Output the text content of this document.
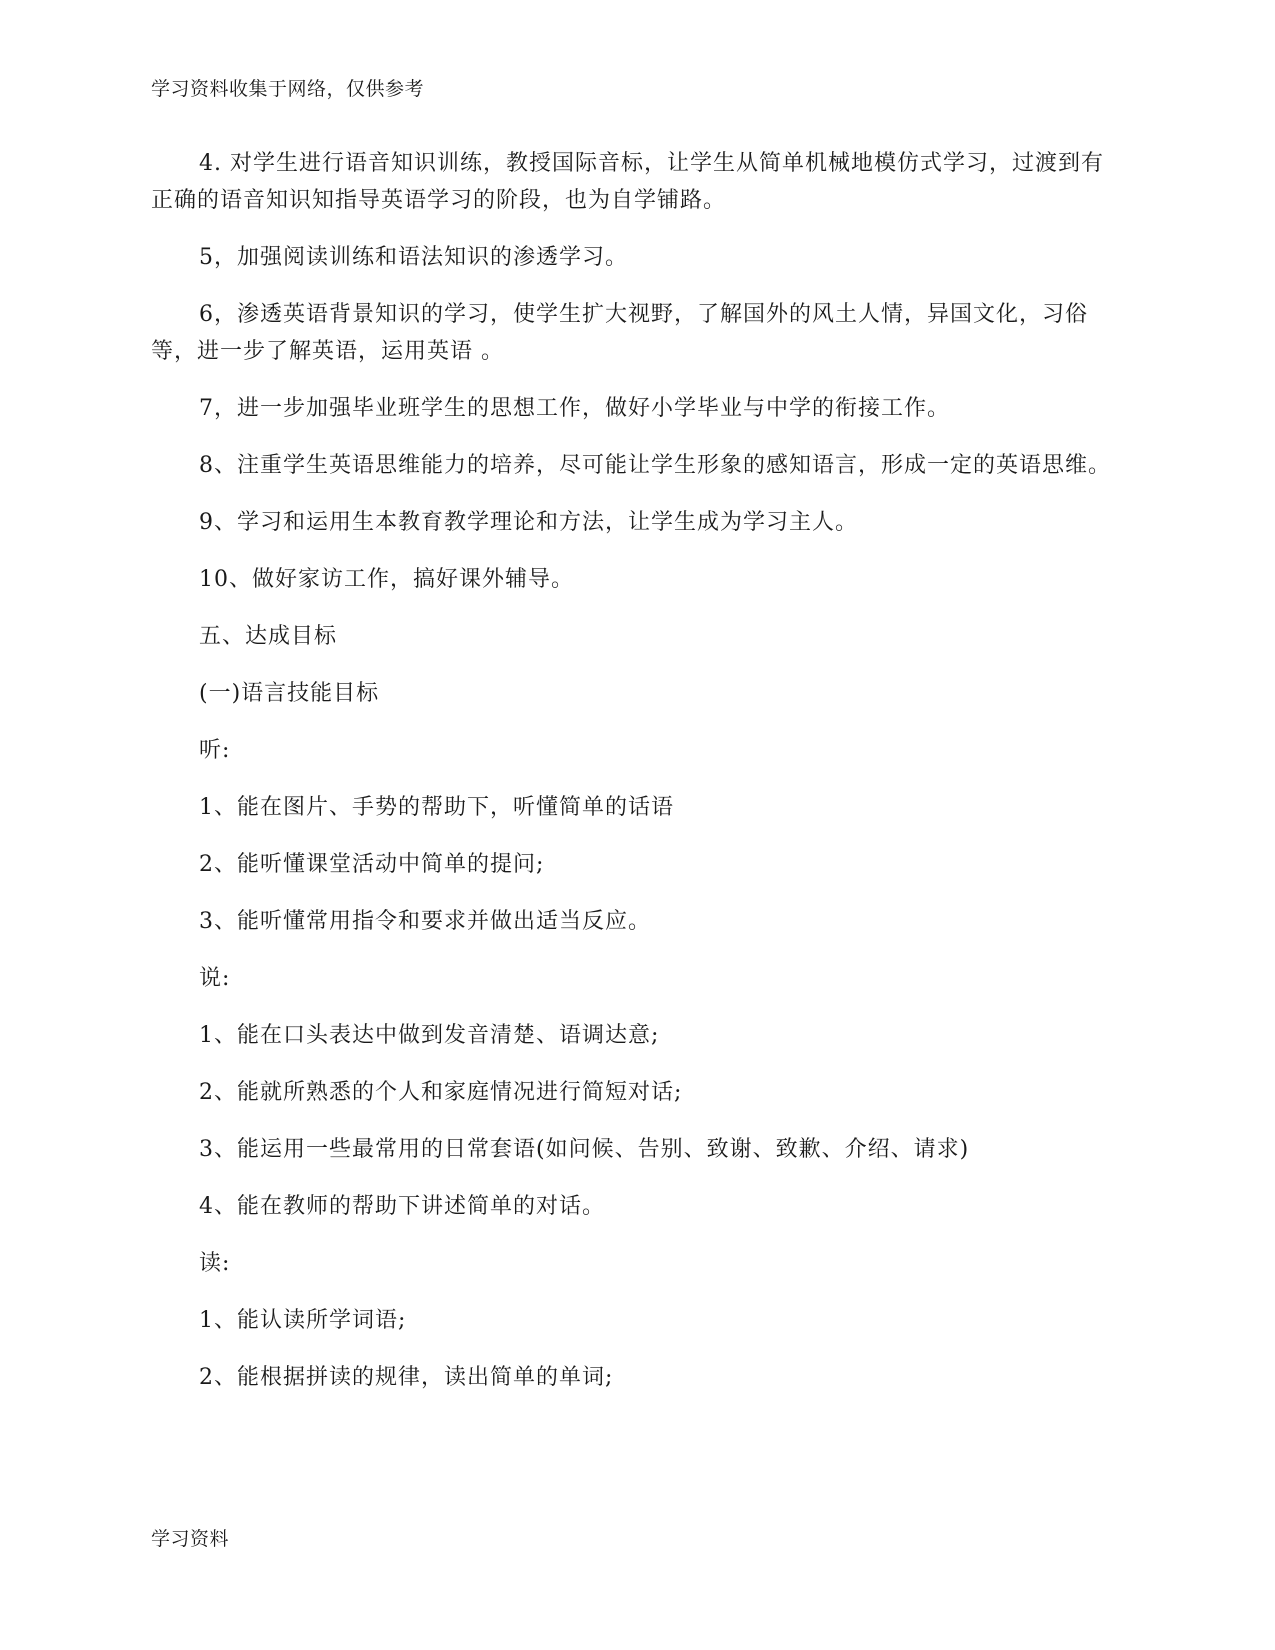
学习资料收集于网络，仅供参考

4. 对学生进行语音知识训练，教授国际音标，让学生从简单机械地模仿式学习，过渡到有正确的语音知识知指导英语学习的阶段，也为自学铺路。

5，加强阅读训练和语法知识的渗透学习。

6，渗透英语背景知识的学习，使学生扩大视野，了解国外的风土人情，异国文化，习俗等，进一步了解英语，运用英语 。

7，进一步加强毕业班学生的思想工作，做好小学毕业与中学的衔接工作。

8、注重学生英语思维能力的培养，尽可能让学生形象的感知语言，形成一定的英语思维。

9、学习和运用生本教育教学理论和方法，让学生成为学习主人。

10、做好家访工作，搞好课外辅导。

五、达成目标

(一)语言技能目标

听:

1、能在图片、手势的帮助下，听懂简单的话语

2、能听懂课堂活动中简单的提问;

3、能听懂常用指令和要求并做出适当反应。

说:

1、能在口头表达中做到发音清楚、语调达意;

2、能就所熟悉的个人和家庭情况进行简短对话;

3、能运用一些最常用的日常套语(如问候、告别、致谢、致歉、介绍、请求)

4、能在教师的帮助下讲述简单的对话。

读:

1、能认读所学词语;

2、能根据拼读的规律，读出简单的单词;

学习资料
